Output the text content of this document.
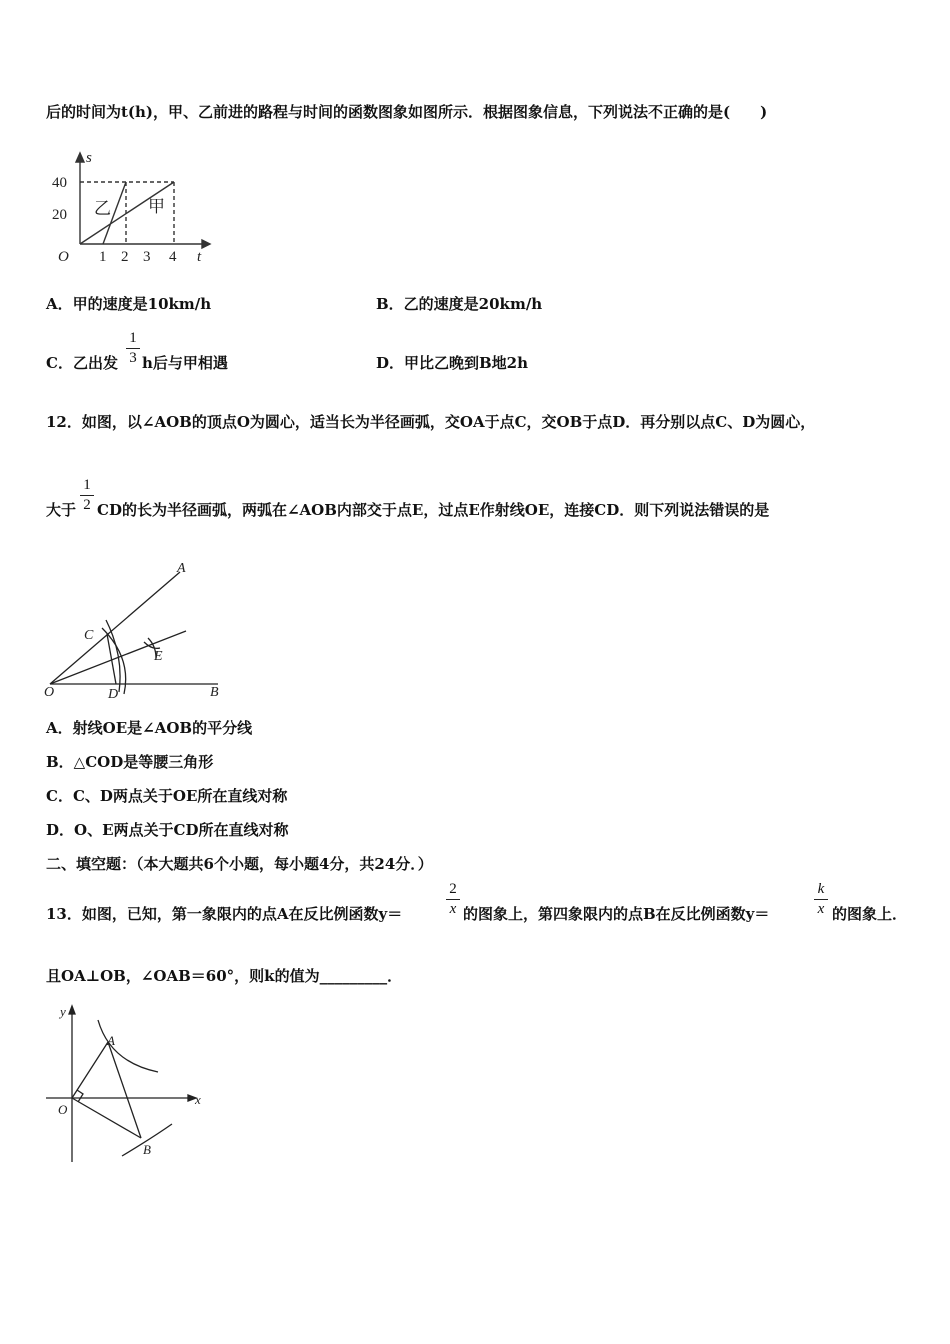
后的时间为t(h)，甲、乙前进的路程与时间的函数图象如图所示．根据图象信息，下列说法不正确的是(　　)
s
t
O
40
20
1 2 3 4
乙 甲
A．甲的速度是10km/h	B．乙的速度是20km/h
C．乙出发 $\frac{1}{3}$ h后与甲相遇	D．甲比乙晚到B地2h
12．如图，以∠AOB的顶点O为圆心，适当长为半径画弧，交OA于点C，交OB于点D．再分别以点C、D为圆心，
大于 $\frac{1}{2}$ CD的长为半径画弧，两弧在∠AOB内部交于点E，过点E作射线OE，连接CD．则下列说法错误的是
A
C
E
O	D	B
A．射线OE是∠AOB的平分线
B．△COD是等腰三角形
C．C、D两点关于OE所在直线对称
D．O、E两点关于CD所在直线对称
二、填空题：（本大题共6个小题，每小题4分，共24分．）
13．如图，已知，第一象限内的点A在反比例函数y＝	$\frac{2}{x}$ 的图象上，第四象限内的点B在反比例函数y＝	$\frac{k}{x}$ 的图象上．
且OA⊥OB，∠OAB＝60°，则k的值为_________．
y
x
O
A
B
